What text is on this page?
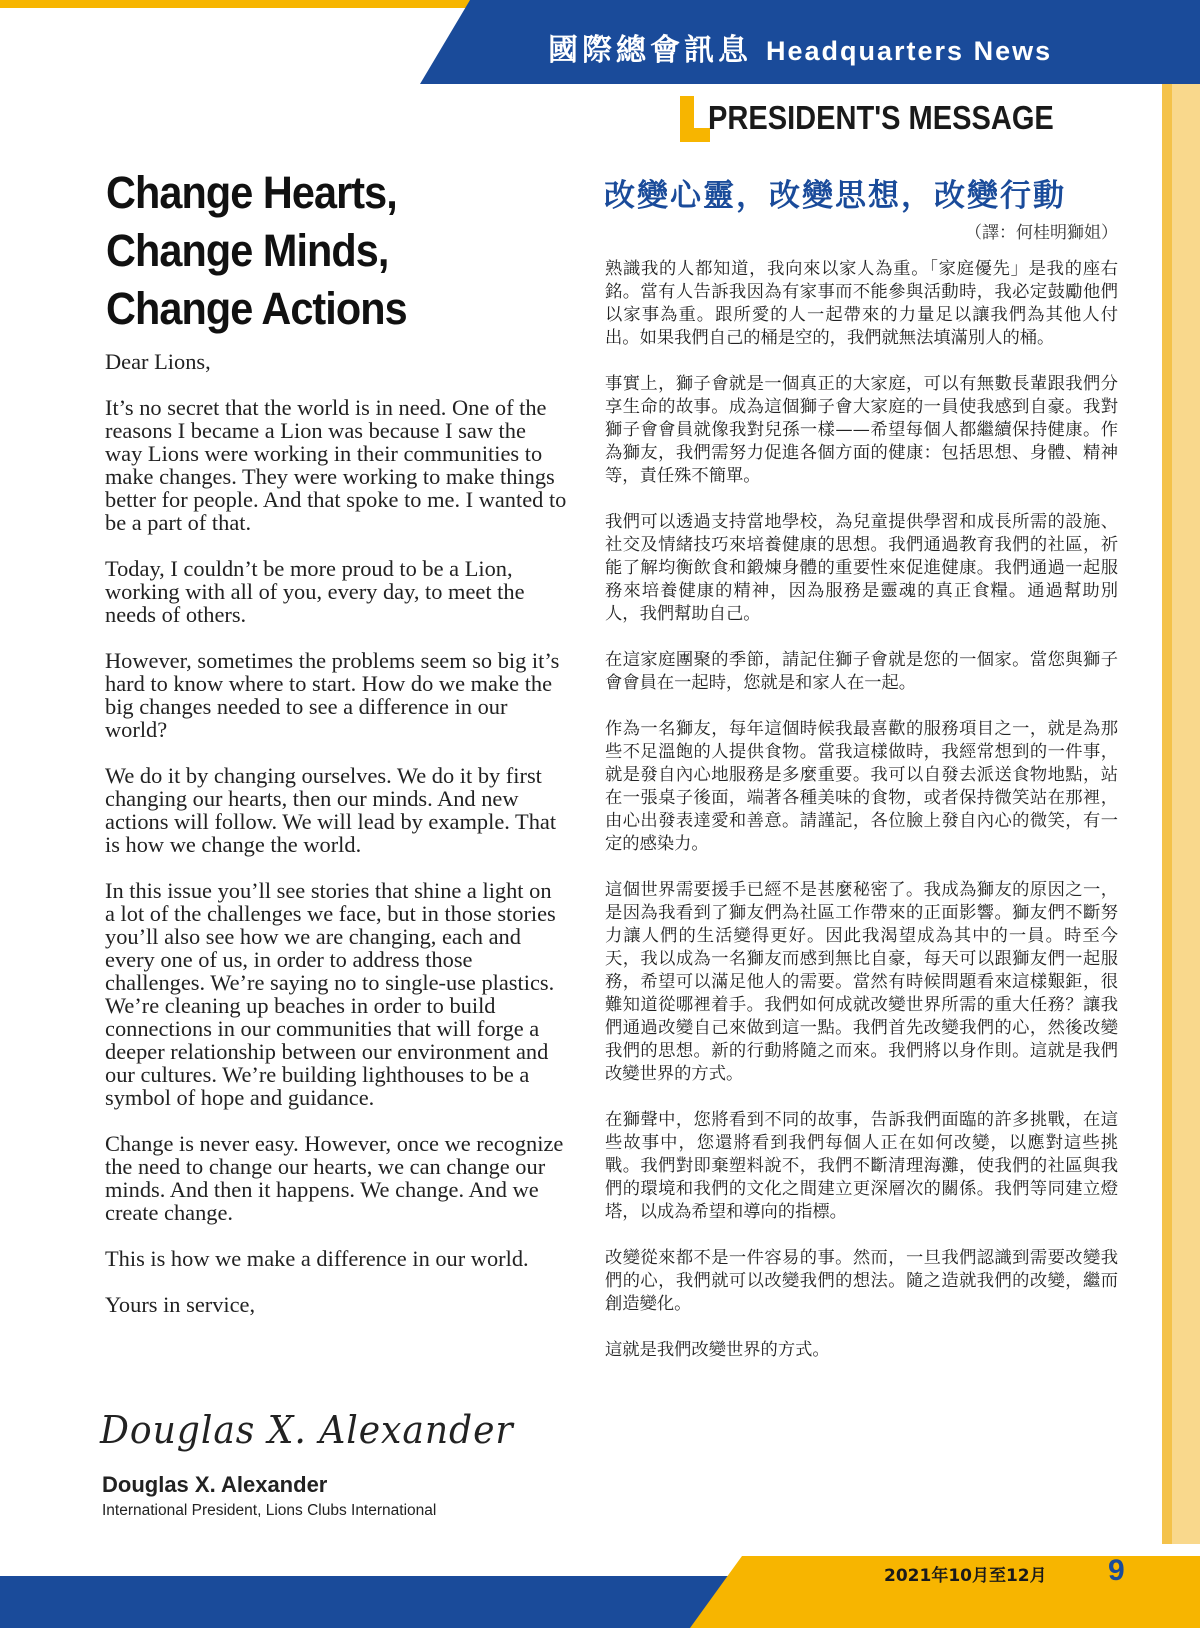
國際總會訊息 Headquarters News
PRESIDENT'S MESSAGE
Change Hearts,
Change Minds,
Change Actions

Dear Lions,

It’s no secret that the world is in need. One of the reasons I became a Lion was because I saw the way Lions were working in their communities to make changes. They were working to make things better for people. And that spoke to me. I wanted to be a part of that.

Today, I couldn’t be more proud to be a Lion, working with all of you, every day, to meet the needs of others.

However, sometimes the problems seem so big it’s hard to know where to start. How do we make the big changes needed to see a difference in our world?

We do it by changing ourselves. We do it by first changing our hearts, then our minds. And new actions will follow. We will lead by example. That is how we change the world.

In this issue you’ll see stories that shine a light on a lot of the challenges we face, but in those stories you’ll also see how we are changing, each and every one of us, in order to address those challenges. We’re saying no to single-use plastics. We’re cleaning up beaches in order to build connections in our communities that will forge a deeper relationship between our environment and our cultures. We’re building lighthouses to be a symbol of hope and guidance.

Change is never easy. However, once we recognize the need to change our hearts, we can change our minds. And then it happens. We change. And we create change.

This is how we make a difference in our world.

Yours in service,

Douglas X. Alexander
Douglas X. Alexander
International President, Lions Clubs International
改變心靈，改變思想，改變行動
（譯：何桂明獅姐）

熟識我的人都知道，我向來以家人為重。「家庭優先」是我的座右銘。當有人告訴我因為有家事而不能參與活動時，我必定鼓勵他們以家事為重。跟所愛的人一起帶來的力量足以讓我們為其他人付出。如果我們自己的桶是空的，我們就無法填滿別人的桶。

事實上，獅子會就是一個真正的大家庭，可以有無數長輩跟我們分享生命的故事。成為這個獅子會大家庭的一員使我感到自豪。我對獅子會會員就像我對兒孫一樣——希望每個人都繼續保持健康。作為獅友，我們需努力促進各個方面的健康：包括思想、身體、精神等，責任殊不簡單。

我們可以透過支持當地學校，為兒童提供學習和成長所需的設施、社交及情緒技巧來培養健康的思想。我們通過教育我們的社區，祈能了解均衡飲食和鍛煉身體的重要性來促進健康。我們通過一起服務來培養健康的精神，因為服務是靈魂的真正食糧。通過幫助別人，我們幫助自己。

在這家庭團聚的季節，請記住獅子會就是您的一個家。當您與獅子會會員在一起時，您就是和家人在一起。

作為一名獅友，每年這個時候我最喜歡的服務項目之一，就是為那些不足溫飽的人提供食物。當我這樣做時，我經常想到的一件事，就是發自內心地服務是多麼重要。我可以自發去派送食物地點，站在一張桌子後面，端著各種美味的食物，或者保持微笑站在那裡，由心出發表達愛和善意。請謹記，各位臉上發自內心的微笑，有一定的感染力。

這個世界需要援手已經不是甚麼秘密了。我成為獅友的原因之一，是因為我看到了獅友們為社區工作帶來的正面影響。獅友們不斷努力讓人們的生活變得更好。因此我渴望成為其中的一員。時至今天，我以成為一名獅友而感到無比自豪，每天可以跟獅友們一起服務，希望可以滿足他人的需要。當然有時候問題看來這樣艱鉅，很難知道從哪裡着手。我們如何成就改變世界所需的重大任務？讓我們通過改變自己來做到這一點。我們首先改變我們的心，然後改變我們的思想。新的行動將隨之而來。我們將以身作則。這就是我們改變世界的方式。

在獅聲中，您將看到不同的故事，告訴我們面臨的許多挑戰，在這些故事中，您還將看到我們每個人正在如何改變，以應對這些挑戰。我們對即棄塑料說不，我們不斷清理海灘，使我們的社區與我們的環境和我們的文化之間建立更深層次的關係。我們等同建立燈塔，以成為希望和導向的指標。

改變從來都不是一件容易的事。然而，一旦我們認識到需要改變我們的心，我們就可以改變我們的想法。隨之造就我們的改變，繼而創造變化。

這就是我們改變世界的方式。

2021年10月至12月 9
